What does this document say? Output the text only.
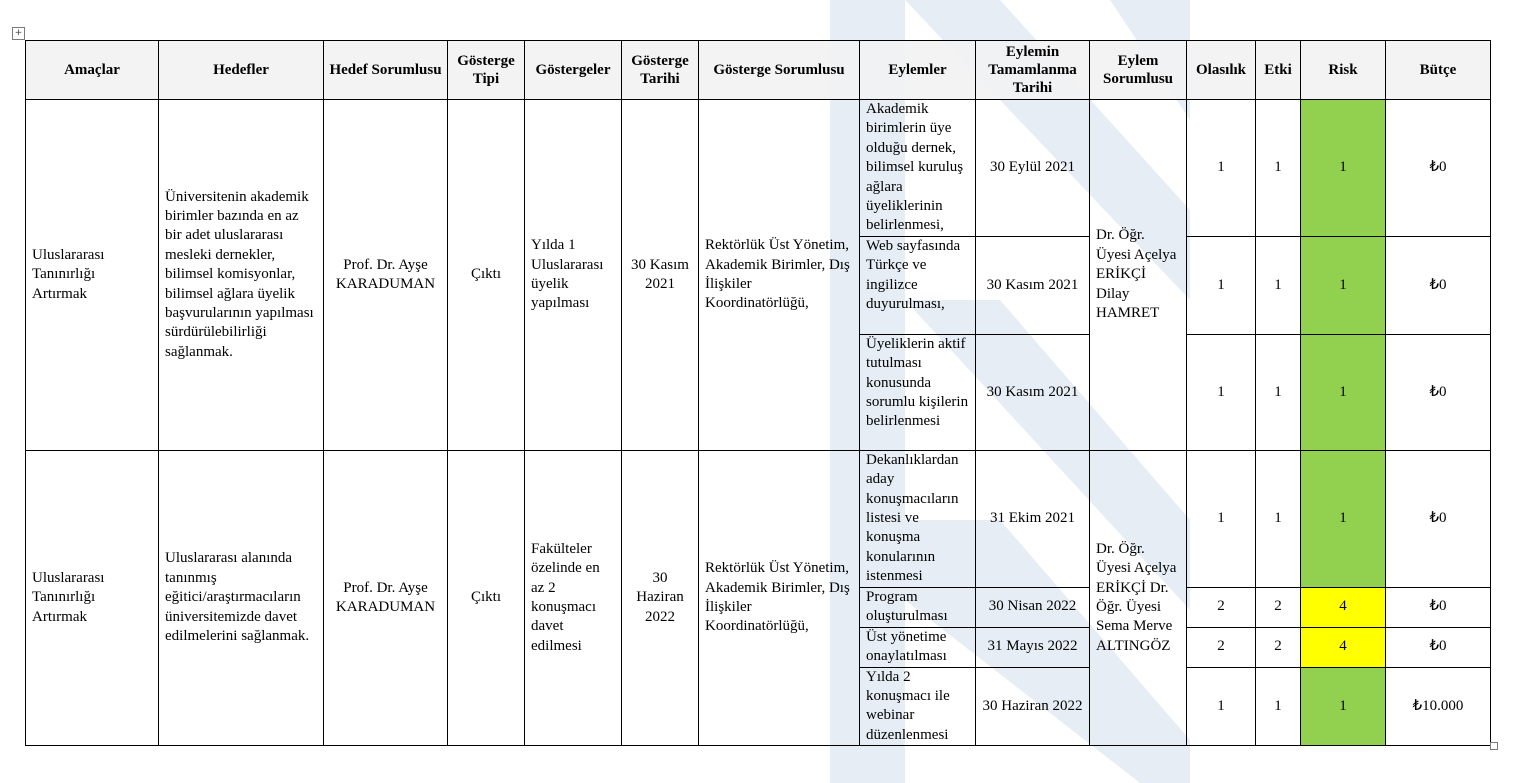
+
Amaçlar	Hedefler	Hedef Sorumlusu	Gösterge Tipi	Göstergeler	Gösterge Tarihi	Gösterge Sorumlusu	Eylemler	Eylemin Tamamlanma Tarihi	Eylem Sorumlusu	Olasılık	Etki	Risk	Bütçe
Uluslararası Tanınırlığı Artırmak	Üniversitenin akademik birimler bazında en az bir adet uluslararası mesleki dernekler, bilimsel komisyonlar, bilimsel ağlara üyelik başvurularının yapılması sürdürülebilirliği sağlanmak.	Prof. Dr. Ayşe KARADUMAN	Çıktı	Yılda 1 Uluslararası üyelik yapılması	30 Kasım 2021	Rektörlük Üst Yönetim, Akademik Birimler, Dış İlişkiler Koordinatörlüğü,	Akademik birimlerin üye olduğu dernek, bilimsel kuruluş ağlara üyeliklerinin belirlenmesi,	30 Eylül 2021	Dr. Öğr. Üyesi Açelya ERİKÇİ Dilay HAMRET	1	1	1	₺0
							Web sayfasında Türkçe ve ingilizce duyurulması,	30 Kasım 2021		1	1	1	₺0
							Üyeliklerin aktif tutulması konusunda sorumlu kişilerin belirlenmesi	30 Kasım 2021		1	1	1	₺0
Uluslararası Tanınırlığı Artırmak	Uluslararası alanında tanınmış eğitici/araştırmacıların üniversitemizde davet edilmelerini sağlanmak.	Prof. Dr. Ayşe KARADUMAN	Çıktı	Fakülteler özelinde en az 2 konuşmacı davet edilmesi	30 Haziran 2022	Rektörlük Üst Yönetim, Akademik Birimler, Dış İlişkiler Koordinatörlüğü,	Dekanlıklardan aday konuşmacıların listesi ve konuşma konularının istenmesi	31 Ekim 2021	Dr. Öğr. Üyesi Açelya ERİKÇİ Dr. Öğr. Üyesi Sema Merve ALTINGÖZ	1	1	1	₺0
							Program oluşturulması	30 Nisan 2022		2	2	4	₺0
							Üst yönetime onaylatılması	31 Mayıs 2022		2	2	4	₺0
							Yılda 2 konuşmacı ile webinar düzenlenmesi	30 Haziran 2022		1	1	1	₺10.000
